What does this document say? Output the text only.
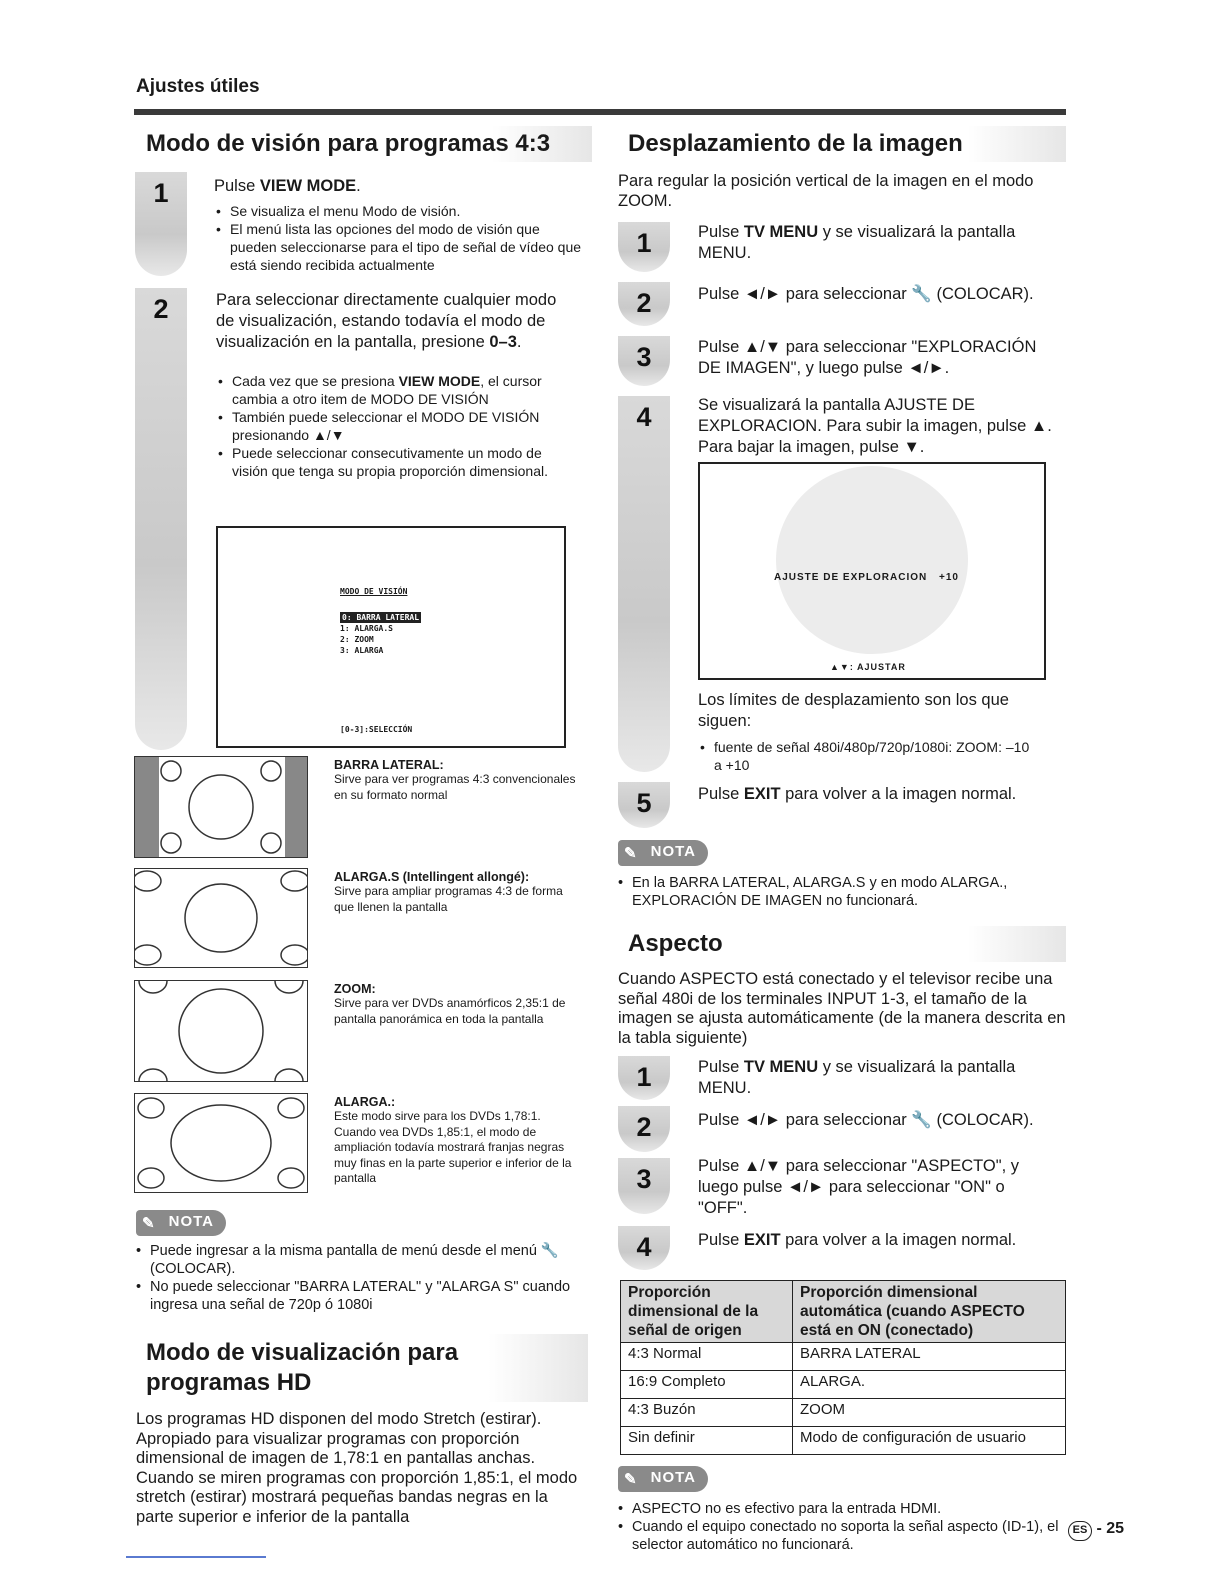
Ajustes útiles
Modo de visión para programas 4:3
1	Pulse VIEW MODE.
• Se visualiza el menu Modo de visión.
• El menú lista las opciones del modo de visión que pueden seleccionarse para el tipo de señal de vídeo que está siendo recibida actualmente
2	Para seleccionar directamente cualquier modo de visualización, estando todavía el modo de visualización en la pantalla, presione 0–3.
• Cada vez que se presiona VIEW MODE, el cursor cambia a otro item de MODO DE VISIÓN
• También puede seleccionar el MODO DE VISIÓN presionando ▲/▼
• Puede seleccionar consecutivamente un modo de visión que tenga su propia proporción dimensional.
MODO DE VISIÓN
0: BARRA LATERAL
1: ALARGA.S
2: ZOOM
3: ALARGA
[0-3]:SELECCIÓN
BARRA LATERAL:
Sirve para ver programas 4:3 convencionales en su formato normal
ALARGA.S (Intellingent allongé):
Sirve para ampliar programas 4:3 de forma que llenen la pantalla
ZOOM:
Sirve para ver DVDs anamórficos 2,35:1 de pantalla panorámica en toda la pantalla
ALARGA.:
Este modo sirve para los DVDs 1,78:1. Cuando vea DVDs 1,85:1, el modo de ampliación todavía mostrará franjas negras muy finas en la parte superior e inferior de la pantalla
✎ NOTA
• Puede ingresar a la misma pantalla de menú desde el menú 🔧 (COLOCAR).
• No puede seleccionar "BARRA LATERAL" y "ALARGA S" cuando ingresa una señal de 720p ó 1080i
Modo de visualización para programas HD
Los programas HD disponen del modo Stretch (estirar). Apropiado para visualizar programas con proporción dimensional de imagen de 1,78:1 en pantallas anchas. Cuando se miren programas con proporción 1,85:1, el modo stretch (estirar) mostrará pequeñas bandas negras en la parte superior e inferior de la pantalla
Desplazamiento de la imagen
Para regular la posición vertical de la imagen en el modo ZOOM.
1	Pulse TV MENU y se visualizará la pantalla MENU.
2	Pulse ◄/► para seleccionar 🔧 (COLOCAR).
3	Pulse ▲/▼ para seleccionar "EXPLORACIÓN DE IMAGEN", y luego pulse ◄/►.
4	Se visualizará la pantalla AJUSTE DE EXPLORACION. Para subir la imagen, pulse ▲. Para bajar la imagen, pulse ▼.
AJUSTE DE EXPLORACION +10
▲▼: AJUSTAR
Los límites de desplazamiento son los que siguen:
• fuente de señal 480i/480p/720p/1080i: ZOOM: –10 a +10
5	Pulse EXIT para volver a la imagen normal.
✎ NOTA
• En la BARRA LATERAL, ALARGA.S y en modo ALARGA., EXPLORACIÓN DE IMAGEN no funcionará.
Aspecto
Cuando ASPECTO está conectado y el televisor recibe una señal 480i de los terminales INPUT 1-3, el tamaño de la imagen se ajusta automáticamente (de la manera descrita en la tabla siguiente)
1	Pulse TV MENU y se visualizará la pantalla MENU.
2	Pulse ◄/► para seleccionar 🔧 (COLOCAR).
3	Pulse ▲/▼ para seleccionar "ASPECTO", y luego pulse ◄/► para seleccionar "ON" o "OFF".
4	Pulse EXIT para volver a la imagen normal.
Proporción dimensional de la señal de origen	Proporción dimensional automática (cuando ASPECTO está en ON (conectado)
4:3 Normal	BARRA LATERAL
16:9 Completo	ALARGA.
4:3 Buzón	ZOOM
Sin definir	Modo de configuración de usuario
✎ NOTA
• ASPECTO no es efectivo para la entrada HDMI.
• Cuando el equipo conectado no soporta la señal aspecto (ID-1), el selector automático no funcionará.
ES - 25
